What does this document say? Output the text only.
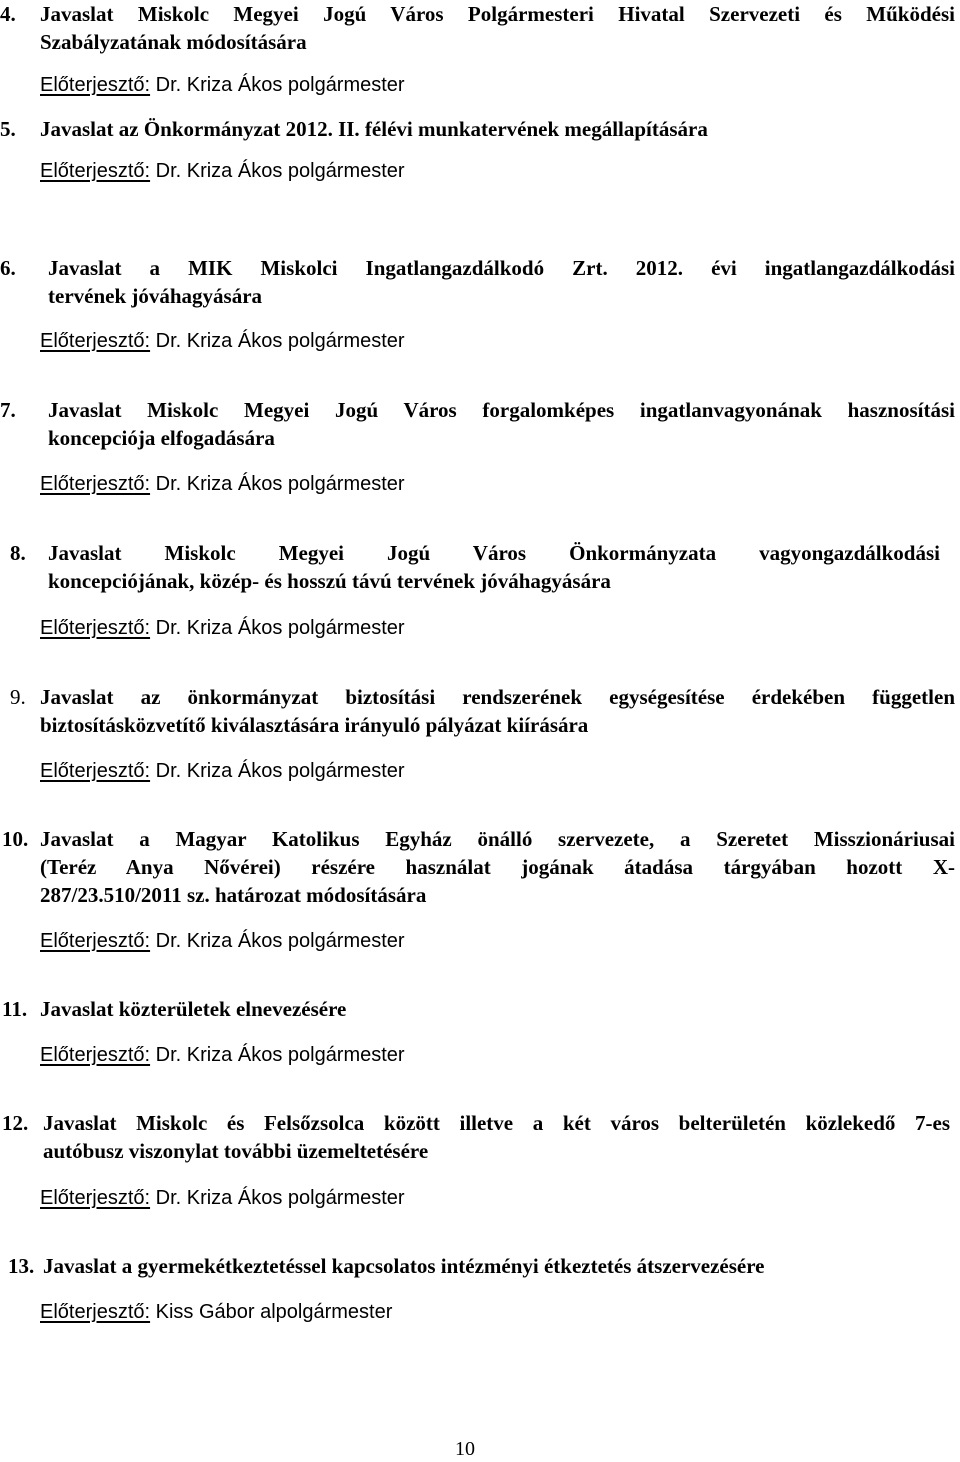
4. Javaslat Miskolc Megyei Jogú Város Polgármesteri Hivatal Szervezeti és Működési
Szabályzatának módosítására
Előterjesztő: Dr. Kriza Ákos polgármester
5. Javaslat az Önkormányzat 2012. II. félévi munkatervének megállapítására
Előterjesztő: Dr. Kriza Ákos polgármester
6. Javaslat a MIK Miskolci Ingatlangazdálkodó Zrt. 2012. évi ingatlangazdálkodási
tervének jóváhagyására
Előterjesztő: Dr. Kriza Ákos polgármester
7. Javaslat Miskolc Megyei Jogú Város forgalomképes ingatlanvagyonának hasznosítási
koncepciója elfogadására
Előterjesztő: Dr. Kriza Ákos polgármester
8. Javaslat Miskolc Megyei Jogú Város Önkormányzata vagyongazdálkodási
koncepciójának, közép- és hosszú távú tervének jóváhagyására
Előterjesztő: Dr. Kriza Ákos polgármester
9. Javaslat az önkormányzat biztosítási rendszerének egységesítése érdekében független
biztosításközvetítő kiválasztására irányuló pályázat kiírására
Előterjesztő: Dr. Kriza Ákos polgármester
10. Javaslat a Magyar Katolikus Egyház önálló szervezete, a Szeretet Misszionáriusai
(Teréz Anya Nővérei) részére használat jogának átadása tárgyában hozott X-
287/23.510/2011 sz. határozat módosítására
Előterjesztő: Dr. Kriza Ákos polgármester
11. Javaslat közterületek elnevezésére
Előterjesztő: Dr. Kriza Ákos polgármester
12. Javaslat Miskolc és Felsőzsolca között illetve a két város belterületén közlekedő 7-es
autóbusz viszonylat további üzemeltetésére
Előterjesztő: Dr. Kriza Ákos polgármester
13. Javaslat a gyermekétkeztetéssel kapcsolatos intézményi étkeztetés átszervezésére
Előterjesztő: Kiss Gábor alpolgármester
10
